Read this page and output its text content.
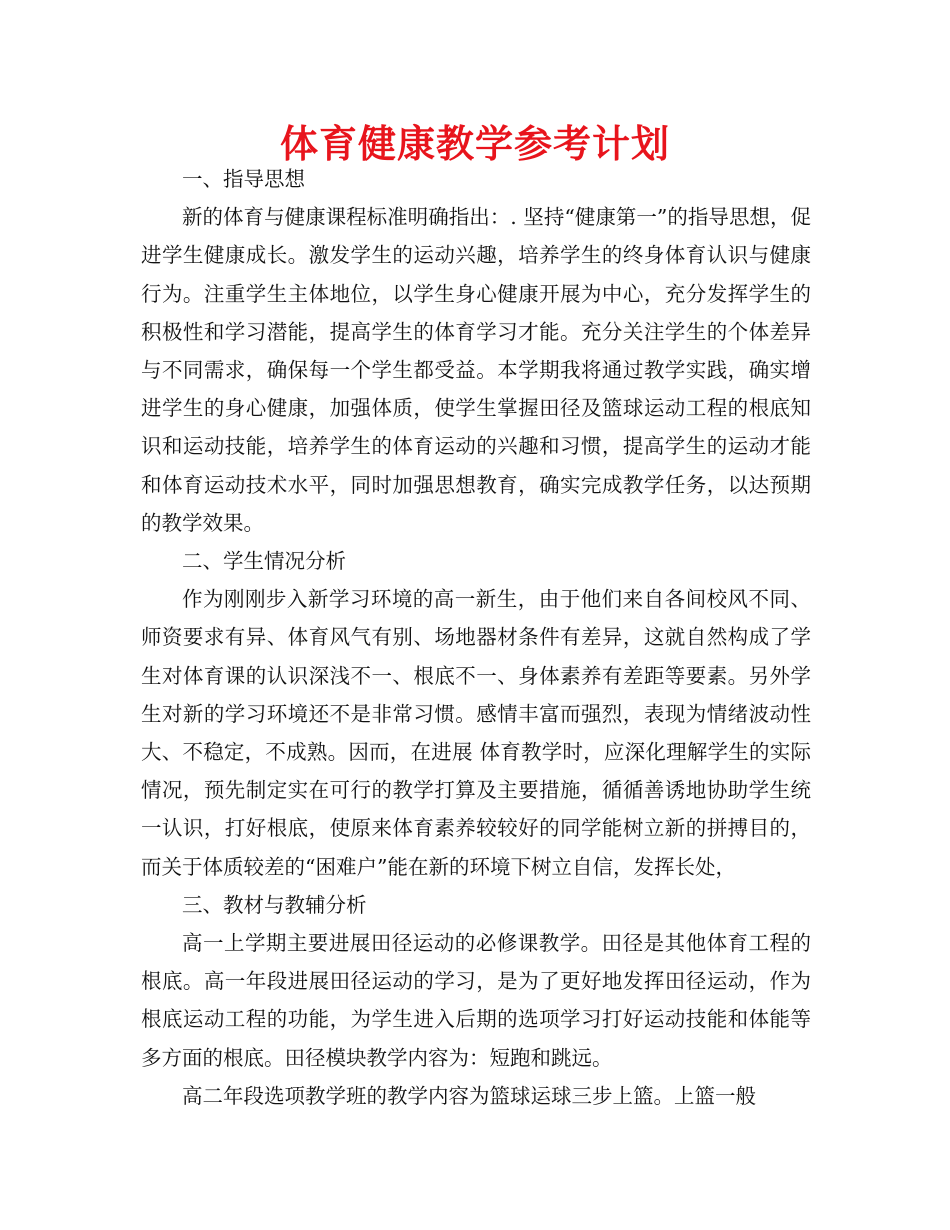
体育健康教学参考计划

一、指导思想

新的体育与健康课程标准明确指出：. 坚持“健康第一”的指导思想，促进学生健康成长。激发学生的运动兴趣，培养学生的终身体育认识与健康行为。注重学生主体地位，以学生身心健康开展为中心，充分发挥学生的积极性和学习潜能，提高学生的体育学习才能。充分关注学生的个体差异与不同需求，确保每一个学生都受益。本学期我将通过教学实践，确实增进学生的身心健康，加强体质，使学生掌握田径及篮球运动工程的根底知识和运动技能，培养学生的体育运动的兴趣和习惯，提高学生的运动才能和体育运动技术水平，同时加强思想教育，确实完成教学任务，以达预期的教学效果。

二、学生情况分析

作为刚刚步入新学习环境的高一新生，由于他们来自各间校风不同、师资要求有异、体育风气有别、场地器材条件有差异，这就自然构成了学生对体育课的认识深浅不一、根底不一、身体素养有差距等要素。另外学生对新的学习环境还不是非常习惯。感情丰富而强烈，表现为情绪波动性大、不稳定，不成熟。因而，在进展 体育教学时，应深化理解学生的实际情况，预先制定实在可行的教学打算及主要措施，循循善诱地协助学生统一认识，打好根底，使原来体育素养较较好的同学能树立新的拼搏目的，而关于体质较差的“困难户”能在新的环境下树立自信，发挥长处，

三、教材与教辅分析

高一上学期主要进展田径运动的必修课教学。田径是其他体育工程的根底。高一年段进展田径运动的学习，是为了更好地发挥田径运动，作为根底运动工程的功能，为学生进入后期的选项学习打好运动技能和体能等多方面的根底。田径模块教学内容为：短跑和跳远。

高二年段选项教学班的教学内容为篮球运球三步上篮。上篮一般
